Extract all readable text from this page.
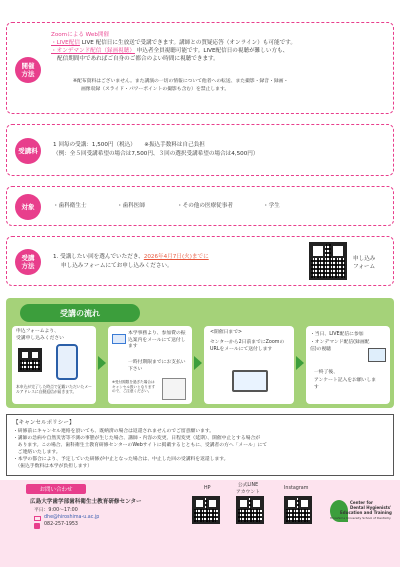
開催
方法
Zoomによる Web開催
・LIVE配信 LIVE 配信日に生放送で受講できます。講師との質疑応答（オンライン）も可能です。
・オンデマンド配信（録画視聴） 申込者全員視聴可能です。LIVE配信日の視聴が難しい方も、
配信期間中であればご自身のご都合のよい時間に視聴できます。
※配布資料はございません。また講演の一切の情報について他者への転送、また撮影・録音・録画・
画像収録（スライド・パワーポイントの撮影も含む）を禁止します。
受講料
1 回毎の受講：1,500円（税込）　　※振込手数料は自己負担
（例：全５回受講希望の場合は7,500円、３回の選択受講希望の場合は4,500円）
対象	・歯科衛生士	・歯科医師	・その他の医療従事者	・学生
受講
方法
1. 受講したい回を選んでいただき、2026年4月7日(火)までに
申し込みフォームにてお申し込みください。
申し込み
フォーム
受講の流れ
申込フォームより、
受講申し込みください
本申込が完了した時点で記載いただいたメールアドレスに自動返信が届きます。
本学事務より、参加費の振込案内をメールにて送付します
一時付期限までにお支払い下さい
※受付期限を過ぎた場合はキャンセル扱いとなりますので、ご注意ください。
<開催日まで>
センターから2日前までにZoomのURLをメールにて送付します
・当日、LIVE配信に参加
・オンデマンド配信(録画配信)の視聴
一終了後、
アンケート記入をお願いします
【キャンセルポリシー】
・研修前にキャンセル連絡を頂いても、既納済の場合は返還されませんのでご留意願います。
・講師の急病や自然災害等不測の事態が生じた場合、講師・内容の変更、日程変更（延期）、開催中止とする場合が
　あります。この場合、歯科衛生士教育研修センターのWebサイトに掲載するとともに、受講者の方へ「メール」にて
　ご連絡いたします。
・本学の都合により、予定していた研修が中止となった場合は、中止した回の受講料を返還します。
　（振込手数料は本学が負担します）
お問い合わせ
広島大学歯学部歯科衛生士教育研修センター
平日：9:00〜17:00
dhe@hiroshima-u.ac.jp
082-257-1953
HP
公式LINE
アカウント
Instagram
Center for
Dental Hygienists'
Education and Training
Hiroshima University School of Dentistry
